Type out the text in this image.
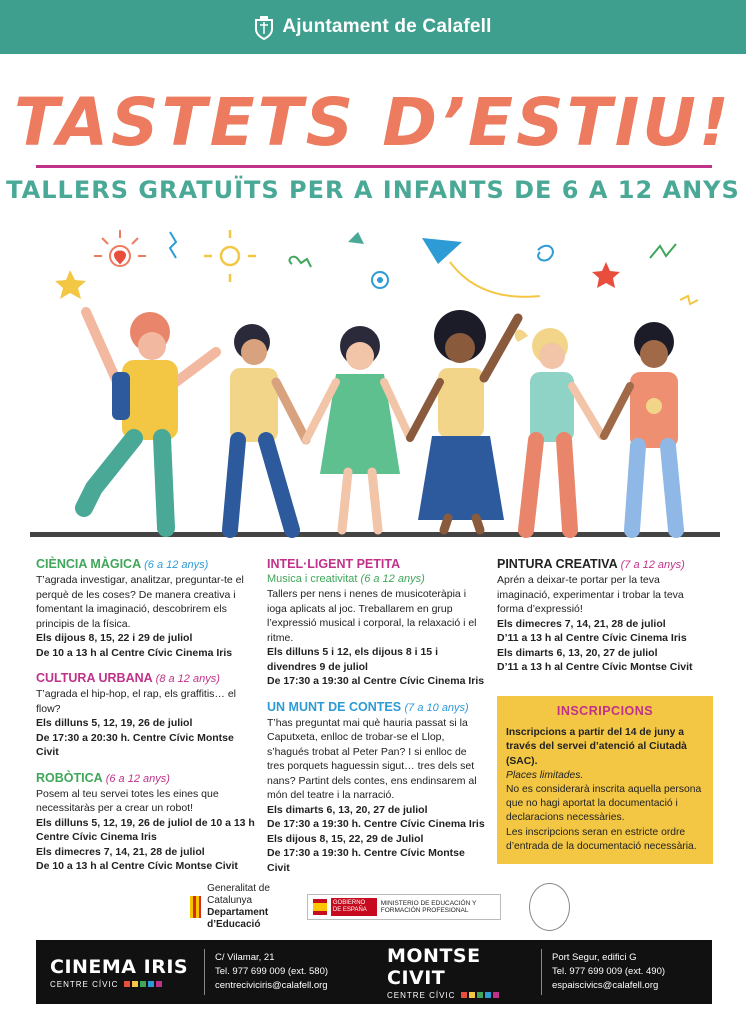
Ajuntament de Calafell
TASTETS D’ESTIU!
TALLERS GRATUÏTS PER A INFANTS DE 6 A 12 ANYS
CIÈNCIA MÀGICA (6 a 12 anys)

T’agrada investigar, analitzar, preguntar-te el perquè de les coses? De manera creativa i fomentant la imaginació, descobrirem els principis de la física.

Els dijous 8, 15, 22 i 29 de juliol

De 10 a 13 h al Centre Cívic Cinema Iris

CULTURA URBANA (8 a 12 anys)

T’agrada el hip-hop, el rap, els graffitis… el flow?

Els dilluns 5, 12, 19, 26 de juliol

De 17:30 a 20:30 h. Centre Cívic Montse Civit

ROBÒTICA (6 a 12 anys)

Posem al teu servei totes les eines que necessitaràs per a crear un robot!

Els dilluns 5, 12, 19, 26 de juliol de 10 a 13 h

Centre Cívic Cinema Iris

Els dimecres 7, 14, 21, 28 de juliol

De 10 a 13 h al Centre Cívic Montse Civit

INTEL·LIGENT PETITA
Musica i creativitat (6 a 12 anys)

Tallers per nens i nenes de musicoteràpia i ioga aplicats al joc. Treballarem en grup l’expressió musical i corporal, la relaxació i el ritme.

Els dilluns 5 i 12, els dijous 8 i 15 i divendres 9 de juliol

De 17:30 a 19:30 al Centre Cívic Cinema Iris

UN MUNT DE CONTES (7 a 10 anys)

T’has preguntat mai què hauria passat si la Caputxeta, enlloc de trobar-se el Llop, s’hagués trobat al Peter Pan? I si enlloc de tres porquets haguessin sigut… tres dels set nans? Partint dels contes, ens endinsarem al món del teatre i la narració.

Els dimarts 6, 13, 20, 27 de juliol

De 17:30 a 19:30 h. Centre Cívic Cinema Iris

Els dijous 8, 15, 22, 29 de Juliol

De 17:30 a 19:30 h. Centre Cívic Montse Civit

PINTURA CREATIVA (7 a 12 anys)

Aprén a deixar-te portar per la teva imaginació, experimentar i trobar la teva forma d’expressió!

Els dimecres 7, 14, 21, 28 de juliol

D’11 a 13 h al Centre Cívic Cinema Iris

Els dimarts 6, 13, 20, 27 de juliol

D’11 a 13 h al Centre Cívic Montse Civit

INSCRIPCIONS

Inscripcions a partir del 14 de juny a través del servei d’atenció al Ciutadà (SAC).

Places limitades.

No es considerarà inscrita aquella persona que no hagi aportat la documentació i declaracions necessàries.

Les inscripcions seran en estricte ordre d’entrada de la documentació necessària.

Generalitat de Catalunya
Departament d’Educació
GOBIERNO DE ESPAÑA
MINISTERIO DE EDUCACIÓN Y FORMACIÓN PROFESIONAL
CINEMA IRIS
CENTRE CÍVIC
C/ Vilamar, 21
Tel. 977 699 009 (ext. 580)
centreciviciris@calafell.org
MONTSE CIVIT
CENTRE CÍVIC
Port Segur, edifici G
Tel. 977 699 009 (ext. 490)
espaiscivics@calafell.org
